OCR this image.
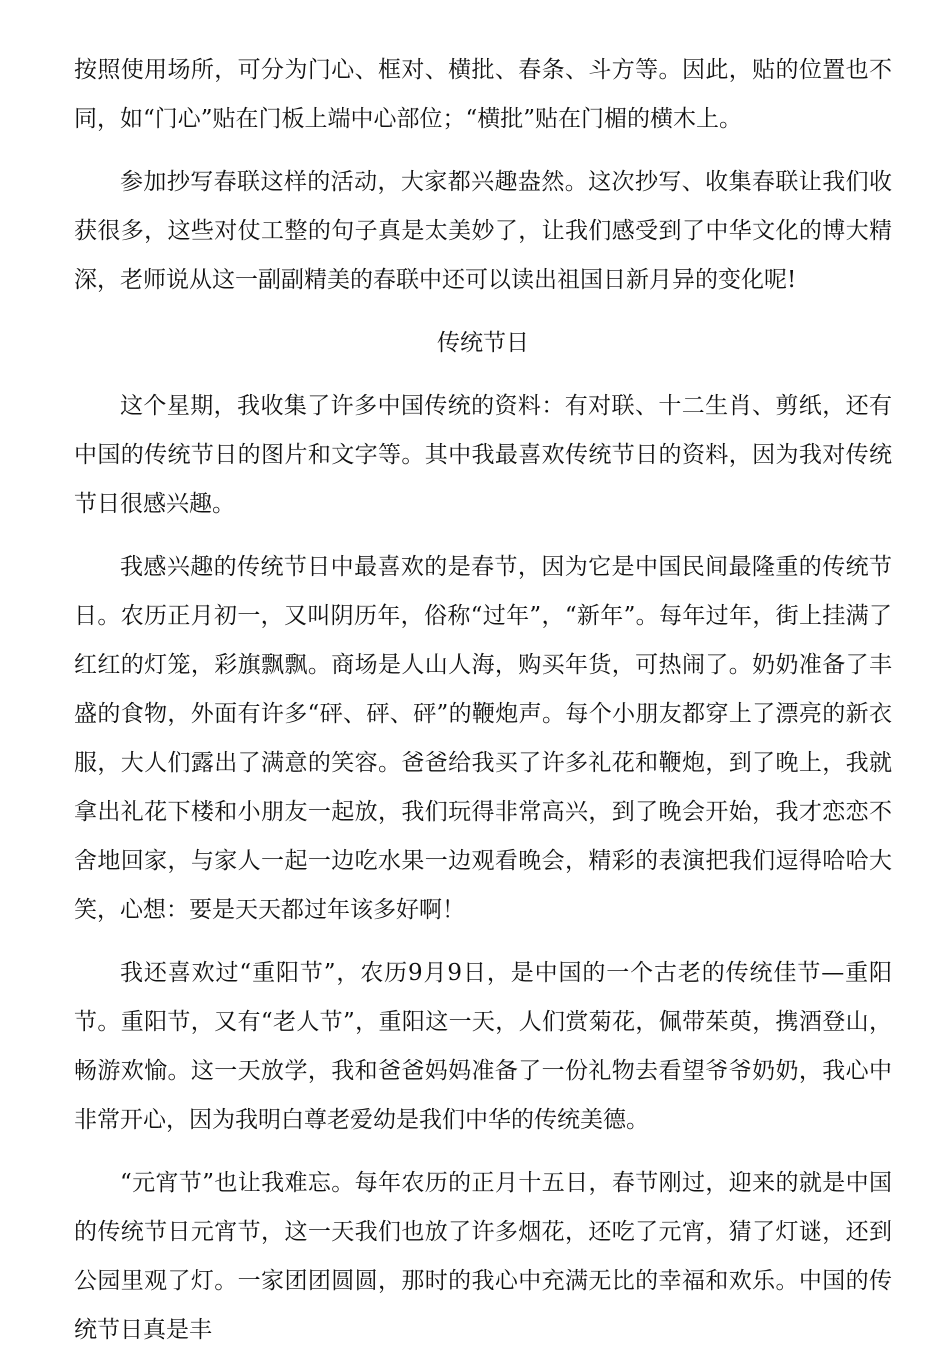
按照使用场所，可分为门心、框对、横批、春条、斗方等。因此，贴的位置也不同，如“门心”贴在门板上端中心部位；“横批”贴在门楣的横木上。

参加抄写春联这样的活动，大家都兴趣盎然。这次抄写、收集春联让我们收获很多，这些对仗工整的句子真是太美妙了，让我们感受到了中华文化的博大精深，老师说从这一副副精美的春联中还可以读出祖国日新月异的变化呢!

传统节日

这个星期，我收集了许多中国传统的资料：有对联、十二生肖、剪纸，还有中国的传统节日的图片和文字等。其中我最喜欢传统节日的资料，因为我对传统节日很感兴趣。

我感兴趣的传统节日中最喜欢的是春节，因为它是中国民间最隆重的传统节日。农历正月初一，又叫阴历年，俗称“过年”，“新年”。每年过年，街上挂满了红红的灯笼，彩旗飘飘。商场是人山人海，购买年货，可热闹了。奶奶准备了丰盛的食物，外面有许多“砰、砰、砰”的鞭炮声。每个小朋友都穿上了漂亮的新衣服，大人们露出了满意的笑容。爸爸给我买了许多礼花和鞭炮，到了晚上，我就拿出礼花下楼和小朋友一起放，我们玩得非常高兴，到了晚会开始，我才恋恋不舍地回家，与家人一起一边吃水果一边观看晚会，精彩的表演把我们逗得哈哈大笑，心想：要是天天都过年该多好啊！

我还喜欢过“重阳节”，农历9月9日，是中国的一个古老的传统佳节—重阳节。重阳节，又有“老人节”，重阳这一天，人们赏菊花，佩带茱萸，携酒登山，畅游欢愉。这一天放学，我和爸爸妈妈准备了一份礼物去看望爷爷奶奶，我心中非常开心，因为我明白尊老爱幼是我们中华的传统美德。

“元宵节”也让我难忘。每年农历的正月十五日，春节刚过，迎来的就是中国的传统节日元宵节，这一天我们也放了许多烟花，还吃了元宵，猜了灯谜，还到公园里观了灯。一家团团圆圆，那时的我心中充满无比的幸福和欢乐。中国的传统节日真是丰
